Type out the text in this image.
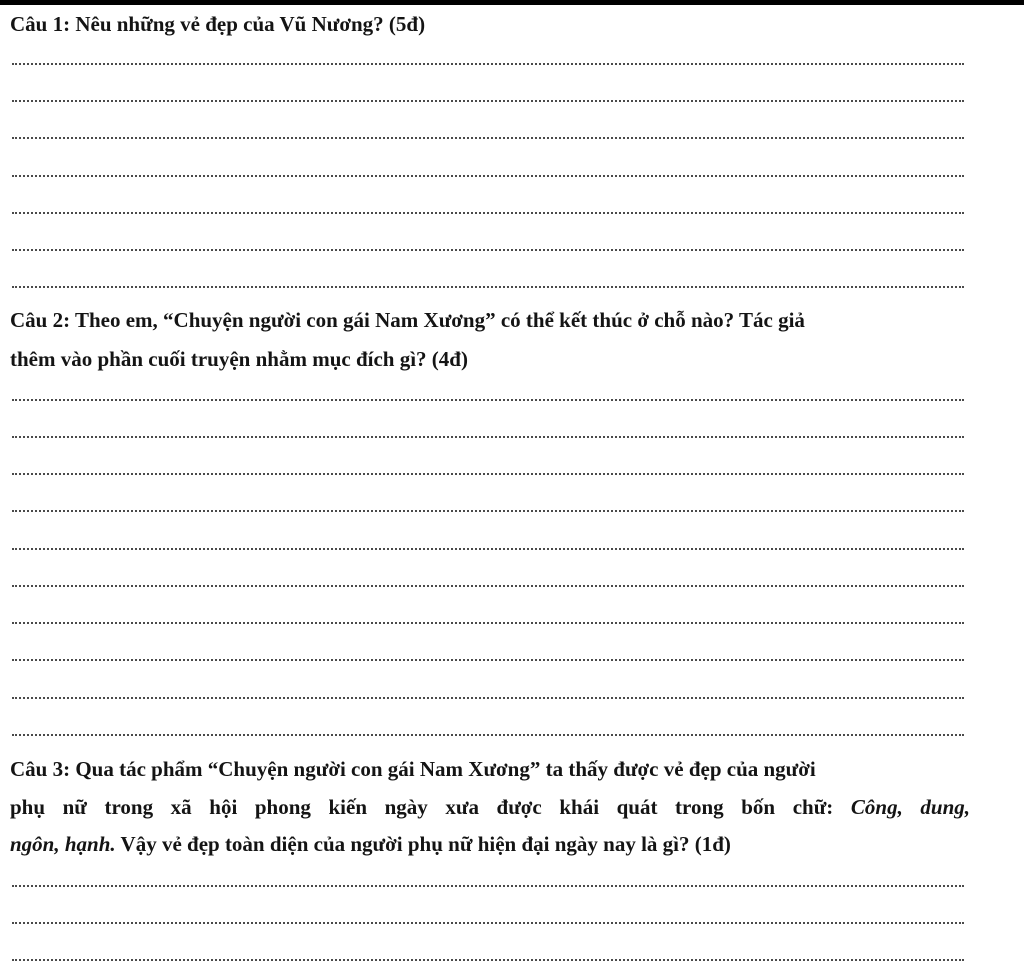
Câu 1: Nêu những vẻ đẹp của Vũ Nương? (5đ)
Câu 2: Theo em, “Chuyện người con gái Nam Xương” có thể kết thúc ở chỗ nào? Tác giả
thêm vào phần cuối truyện nhằm mục đích gì? (4đ)
Câu 3: Qua tác phẩm “Chuyện người con gái Nam Xương” ta thấy được vẻ đẹp của người
phụ nữ trong xã hội phong kiến ngày xưa được khái quát trong bốn chữ: Công, dung,
ngôn, hạnh. Vậy vẻ đẹp toàn diện của người phụ nữ hiện đại ngày nay là gì? (1đ)
